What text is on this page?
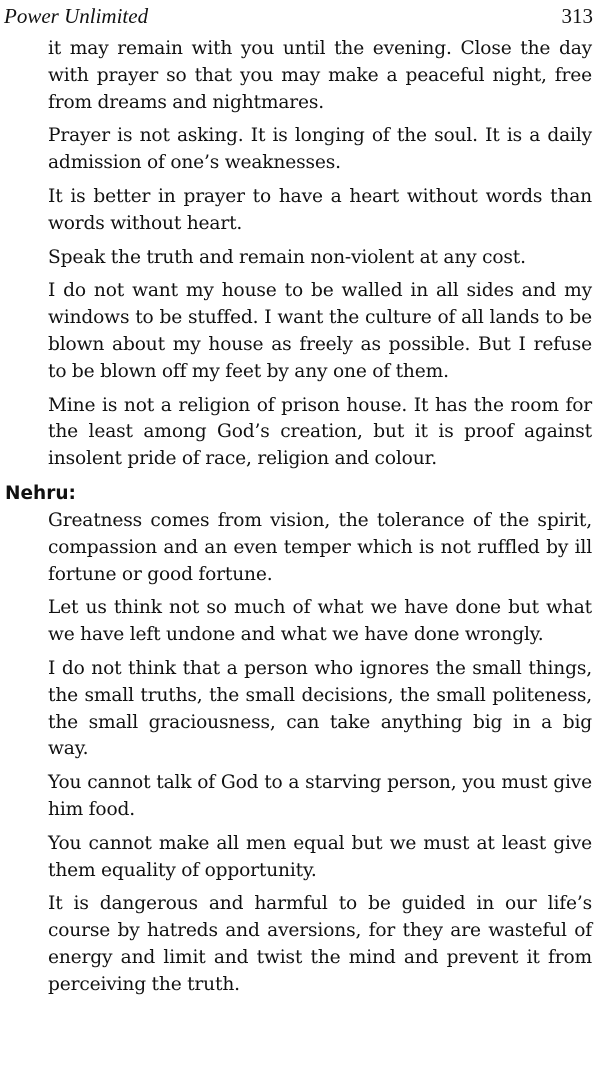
Power Unlimited	313

it may remain with you until the evening. Close the day with prayer so that you may make a peaceful night, free from dreams and nightmares.

Prayer is not asking. It is longing of the soul. It is a daily admission of one’s weaknesses.

It is better in prayer to have a heart without words than words without heart.

Speak the truth and remain non-violent at any cost.

I do not want my house to be walled in all sides and my windows to be stuffed. I want the culture of all lands to be blown about my house as freely as possible. But I refuse to be blown off my feet by any one of them.

Mine is not a religion of prison house. It has the room for the least among God’s creation, but it is proof against insolent pride of race, religion and colour.

Nehru:

Greatness comes from vision, the tolerance of the spirit, compassion and an even temper which is not ruffled by ill fortune or good fortune.

Let us think not so much of what we have done but what we have left undone and what we have done wrongly.

I do not think that a person who ignores the small things, the small truths, the small decisions, the small politeness, the small graciousness, can take anything big in a big way.

You cannot talk of God to a starving person, you must give him food.

You cannot make all men equal but we must at least give them equality of opportunity.

It is dangerous and harmful to be guided in our life’s course by hatreds and aversions, for they are wasteful of energy and limit and twist the mind and prevent it from perceiving the truth.
